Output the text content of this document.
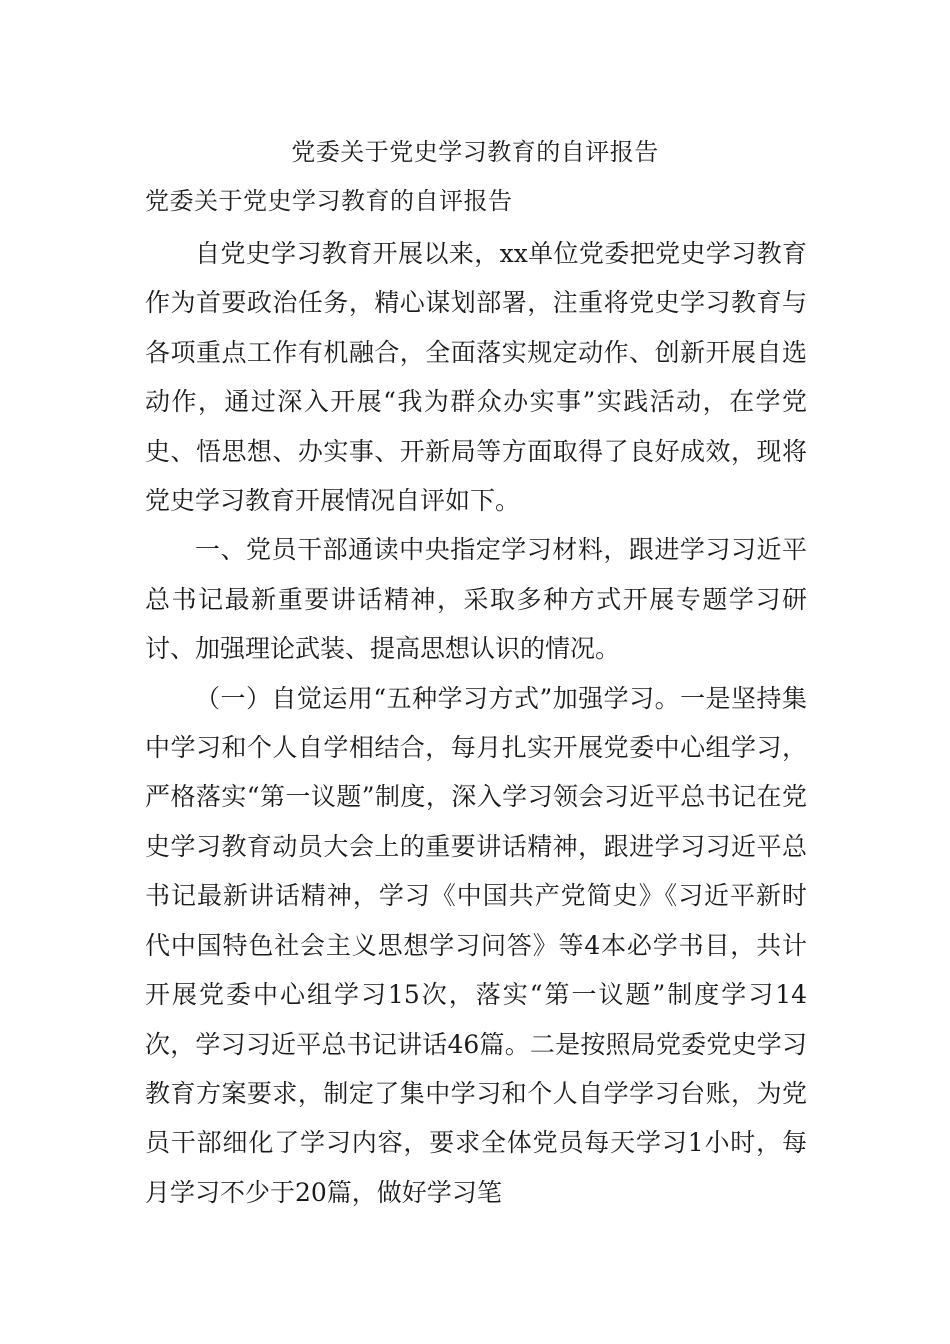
党委关于党史学习教育的自评报告
党委关于党史学习教育的自评报告

自党史学习教育开展以来，xx单位党委把党史学习教育作为首要政治任务，精心谋划部署，注重将党史学习教育与各项重点工作有机融合，全面落实规定动作、创新开展自选动作，通过深入开展“我为群众办实事”实践活动，在学党史、悟思想、办实事、开新局等方面取得了良好成效，现将党史学习教育开展情况自评如下。

一、党员干部通读中央指定学习材料，跟进学习习近平总书记最新重要讲话精神，采取多种方式开展专题学习研讨、加强理论武装、提高思想认识的情况。

（一）自觉运用“五种学习方式”加强学习。一是坚持集中学习和个人自学相结合，每月扎实开展党委中心组学习，严格落实“第一议题”制度，深入学习领会习近平总书记在党史学习教育动员大会上的重要讲话精神，跟进学习习近平总书记最新讲话精神，学习《中国共产党简史》《习近平新时代中国特色社会主义思想学习问答》等4本必学书目，共计开展党委中心组学习15次，落实“第一议题”制度学习14次，学习习近平总书记讲话46篇。二是按照局党委党史学习教育方案要求，制定了集中学习和个人自学学习台账，为党员干部细化了学习内容，要求全体党员每天学习1小时，每月学习不少于20篇，做好学习笔
